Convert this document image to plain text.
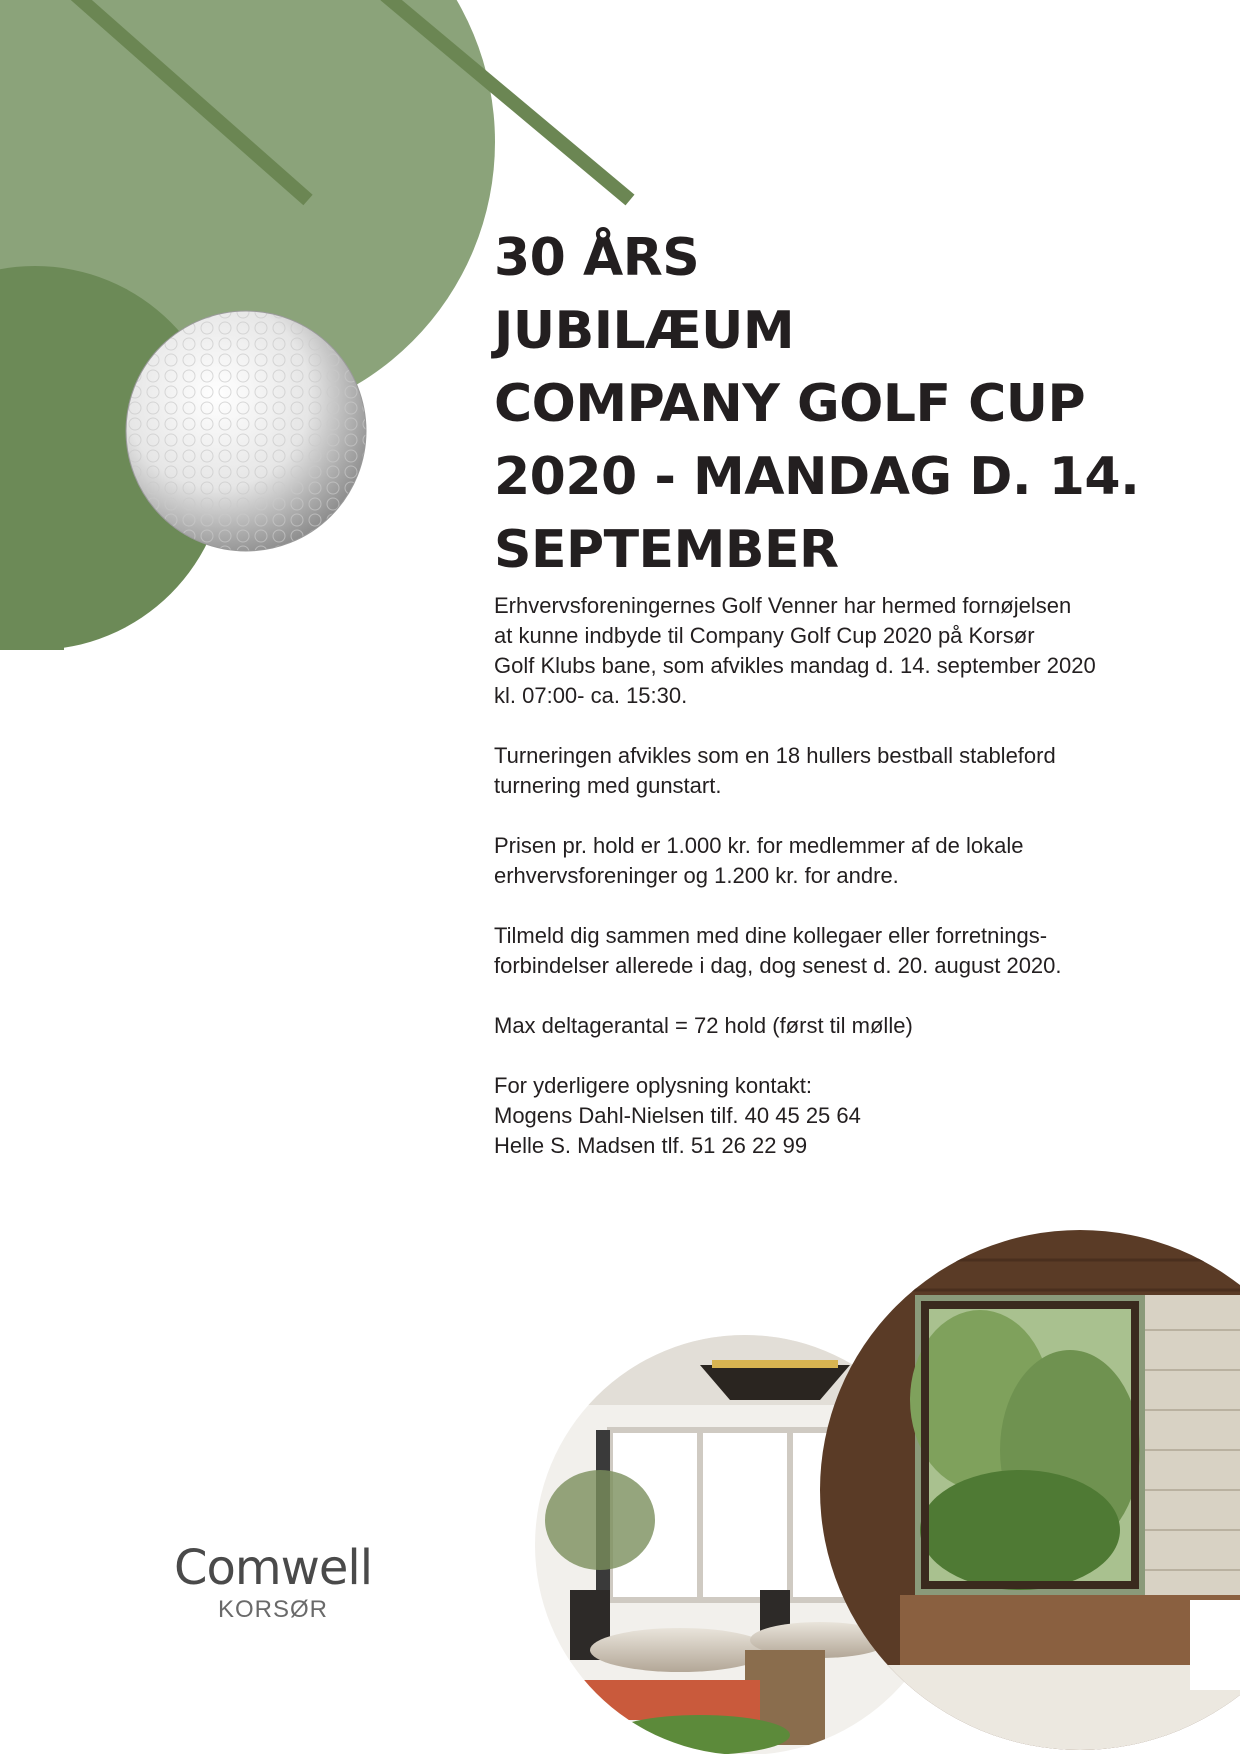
30 ÅRS
JUBILÆUM
COMPANY GOLF CUP
2020 - MANDAG D. 14.
SEPTEMBER

Erhvervsforeningernes Golf Venner har hermed fornøjelsen
at kunne indbyde til Company Golf Cup 2020 på Korsør
Golf Klubs bane, som afvikles mandag d. 14. september 2020
kl. 07:00- ca. 15:30.

Turneringen afvikles som en 18 hullers bestball stableford
turnering med gunstart.

Prisen pr. hold er 1.000 kr. for medlemmer af de lokale
erhvervsforeninger og 1.200 kr. for andre.

Tilmeld dig sammen med dine kollegaer eller forretnings-
forbindelser allerede i dag, dog senest d. 20. august 2020.

Max deltagerantal = 72 hold (først til mølle)

For yderligere oplysning kontakt:
Mogens Dahl-Nielsen tilf. 40 45 25 64
Helle S. Madsen tlf. 51 26 22 99

Comwell
KORSØR
